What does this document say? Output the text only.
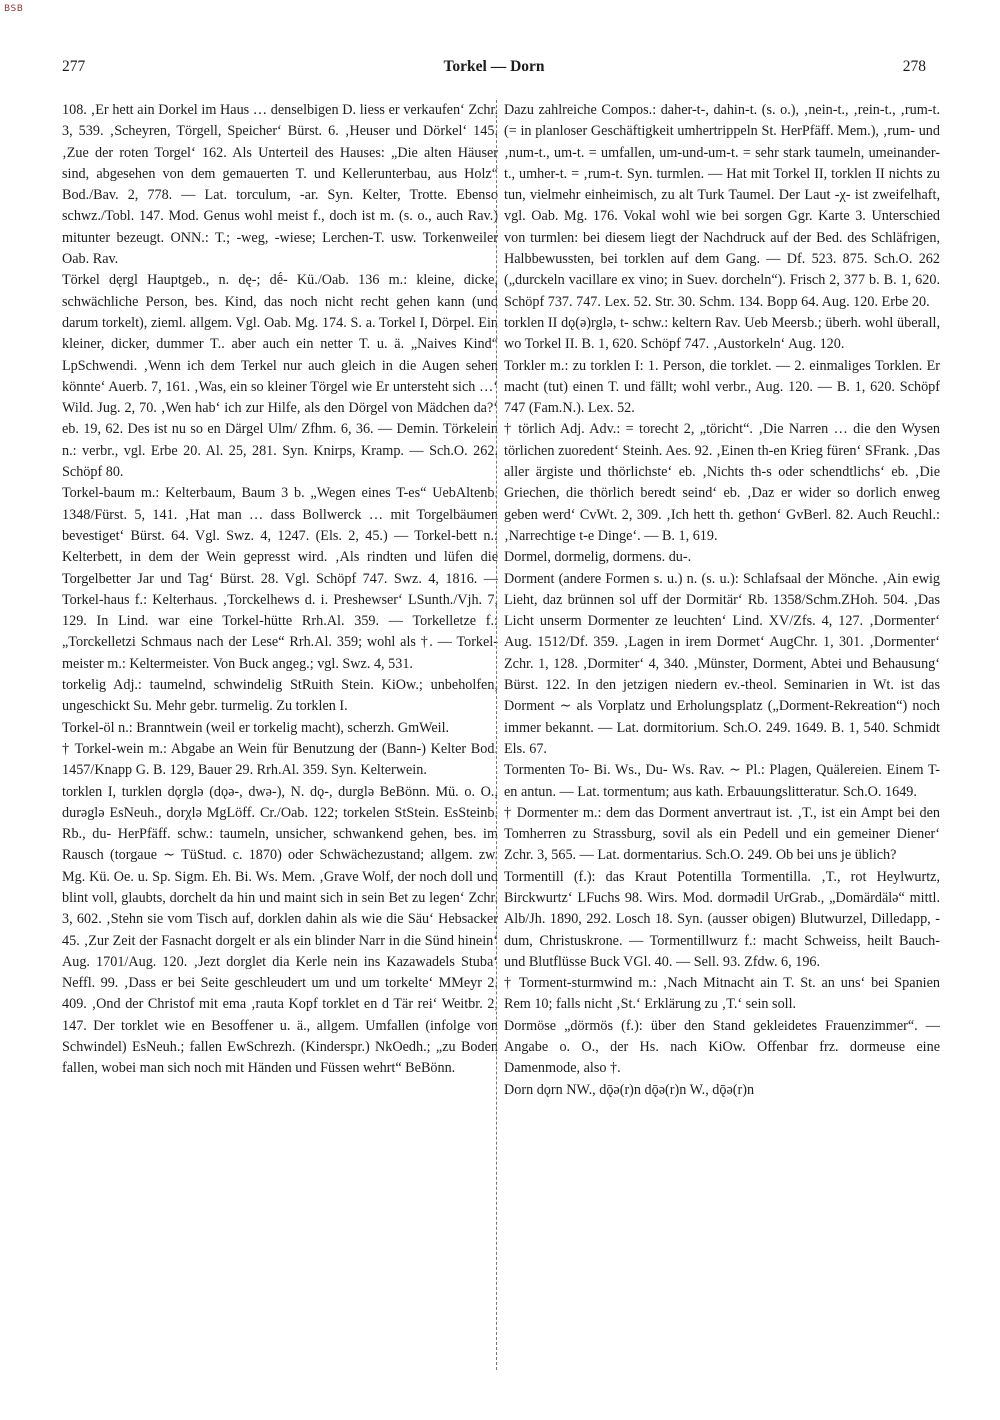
BSB
277	Torkel — Dorn	278

108. ‚Er hett ain Dorkel im Haus … denselbigen D. liess er verkaufen‘ Zchr. 3, 539. ‚Scheyren, Törgell, Speicher‘ Bürst. 6. ‚Heuser und Dörkel‘ 145. ‚Zue der roten Torgel‘ 162. Als Unterteil des Hauses: „Die alten Häuser sind, abgesehen von dem gemauerten T. und Kellerunterbau, aus Holz“ Bod./Bav. 2, 778. — Lat. torculum, -ar. Syn. Kelter, Trotte. Ebenso schwz./Tobl. 147. Mod. Genus wohl meist f., doch ist m. (s. o., auch Rav.) mitunter bezeugt. ONN.: T.; -weg, -wiese; Lerchen-T. usw. Torkenweiler Oab. Rav.

Törkel dęrgl Hauptgeb., n. dę-; dḗ- Kü./Oab. 136 m.: kleine, dicke, schwächliche Person, bes. Kind, das noch nicht recht gehen kann (und darum torkelt), zieml. allgem. Vgl. Oab. Mg. 174. S. a. Torkel I, Dörpel. Ein kleiner, dicker, dummer T.. aber auch ein netter T. u. ä. „Naives Kind“ LpSchwendi. ‚Wenn ich dem Terkel nur auch gleich in die Augen sehen könnte‘ Auerb. 7, 161. ‚Was, ein so kleiner Törgel wie Er untersteht sich …‘ Wild. Jug. 2, 70. ‚Wen hab‘ ich zur Hilfe, als den Dörgel von Mädchen da?‘ eb. 19, 62. Des ist nu so en Därgel Ulm/ Zfhm. 6, 36. — Demin. Törkelein n.: verbr., vgl. Erbe 20. Al. 25, 281. Syn. Knirps, Kramp. — Sch.O. 262. Schöpf 80.

Torkel-baum m.: Kelterbaum, Baum 3 b. „Wegen eines T-es“ UebAltenb. 1348/Fürst. 5, 141. ‚Hat man … dass Bollwerck … mit Torgelbäumen bevestiget‘ Bürst. 64. Vgl. Swz. 4, 1247. (Els. 2, 45.) — Torkel-bett n.: Kelterbett, in dem der Wein gepresst wird. ‚Als rindten und lüfen die Torgelbetter Jar und Tag‘ Bürst. 28. Vgl. Schöpf 747. Swz. 4, 1816. — Torkel-haus f.: Kelterhaus. ‚Torckelhews d. i. Preshewser‘ LSunth./Vjh. 7, 129. In Lind. war eine Torkel-hütte Rrh.Al. 359. — Torkelletze f.: „Torckelletzi Schmaus nach der Lese“ Rrh.Al. 359; wohl als †. — Torkel-meister m.: Keltermeister. Von Buck angeg.; vgl. Swz. 4, 531.

torkelig Adj.: taumelnd, schwindelig StRuith Stein. KiOw.; unbeholfen, ungeschickt Su. Mehr gebr. turmelig. Zu torklen I.

Torkel-öl n.: Branntwein (weil er torkelig macht), scherzh. GmWeil.

† Torkel-wein m.: Abgabe an Wein für Benutzung der (Bann-) Kelter Bod. 1457/Knapp G. B. 129, Bauer 29. Rrh.Al. 359. Syn. Kelterwein.

torklen I, turklen dǫrglə (dǫə-, dwə-), N. dǫ-, durglə BeBönn. Mü. o. O., durəglə EsNeuh., dorχlə MgLöff. Cr./Oab. 122; torkelen StStein. EsSteinb. Rb., du- HerPfäff. schw.: taumeln, unsicher, schwankend gehen, bes. im Rausch (torgaue ∼ TüStud. c. 1870) oder Schwächezustand; allgem. zw. Mg. Kü. Oe. u. Sp. Sigm. Eh. Bi. Ws. Mem. ‚Grave Wolf, der noch doll und blint voll, glaubts, dorchelt da hin und maint sich in sein Bet zu legen‘ Zchr. 3, 602. ‚Stehn sie vom Tisch auf, dorklen dahin als wie die Säu‘ Hebsacker 45. ‚Zur Zeit der Fasnacht dorgelt er als ein blinder Narr in die Sünd hinein‘ Aug. 1701/Aug. 120. ‚Jezt dorglet dia Kerle nein ins Kazawadels Stuba‘ Neffl. 99. ‚Dass er bei Seite geschleudert um und um torkelte‘ MMeyr 2. 409. ‚Ond der Christof mit ema ‚rauta Kopf torklet en d Tär rei‘ Weitbr. 2, 147. Der torklet wie en Besoffener u. ä., allgem. Umfallen (infolge von Schwindel) EsNeuh.; fallen EwSchrezh. (Kinderspr.) NkOedh.; „zu Boden fallen, wobei man sich noch mit Händen und Füssen wehrt“ BeBönn.

Dazu zahlreiche Compos.: daher-t-, dahin-t. (s. o.), ‚nein-t., ‚rein-t., ‚rum-t. (= in planloser Geschäftigkeit umhertrippeln St. HerPfäff. Mem.), ‚rum- und ‚num-t., um-t. = umfallen, um-und-um-t. = sehr stark taumeln, umeinander-t., umher-t. = ‚rum-t. Syn. turmlen. — Hat mit Torkel II, torklen II nichts zu tun, vielmehr einheimisch, zu alt Turk Taumel. Der Laut -χ- ist zweifelhaft, vgl. Oab. Mg. 176. Vokal wohl wie bei sorgen Ggr. Karte 3. Unterschied von turmlen: bei diesem liegt der Nachdruck auf der Bed. des Schläfrigen, Halbbewussten, bei torklen auf dem Gang. — Df. 523. 875. Sch.O. 262 („durckeln vacillare ex vino; in Suev. dorcheln“). Frisch 2, 377 b. B. 1, 620. Schöpf 737. 747. Lex. 52. Str. 30. Schm. 134. Bopp 64. Aug. 120. Erbe 20.

torklen II dǫ(ə)rglə, t- schw.: keltern Rav. Ueb Meersb.; überh. wohl überall, wo Torkel II. B. 1, 620. Schöpf 747. ‚Austorkeln‘ Aug. 120.

Torkler m.: zu torklen I: 1. Person, die torklet. — 2. einmaliges Torklen. Er macht (tut) einen T. und fällt; wohl verbr., Aug. 120. — B. 1, 620. Schöpf 747 (Fam.N.). Lex. 52.

† törlich Adj. Adv.: = torecht 2, „töricht“. ‚Die Narren … die den Wysen törlichen zuoredent‘ Steinh. Aes. 92. ‚Einen th-en Krieg füren‘ SFrank. ‚Das aller ärgiste und thörlichste‘ eb. ‚Nichts th-s oder schendtlichs‘ eb. ‚Die Griechen, die thörlich beredt seind‘ eb. ‚Daz er wider so dorlich enweg geben werd‘ CvWt. 2, 309. ‚Ich hett th. gethon‘ GvBerl. 82. Auch Reuchl.: ‚Narrechtige t-e Dinge‘. — B. 1, 619.

Dormel, dormelig, dormens. du-.

Dorment (andere Formen s. u.) n. (s. u.): Schlafsaal der Mönche. ‚Ain ewig Lieht, daz brünnen sol uff der Dormitär‘ Rb. 1358/Schm.ZHoh. 504. ‚Das Licht unserm Dormenter ze leuchten‘ Lind. XV/Zfs. 4, 127. ‚Dormenter‘ Aug. 1512/Df. 359. ‚Lagen in irem Dormet‘ AugChr. 1, 301. ‚Dormenter‘ Zchr. 1, 128. ‚Dormiter‘ 4, 340. ‚Münster, Dorment, Abtei und Behausung‘ Bürst. 122. In den jetzigen niedern ev.-theol. Seminarien in Wt. ist das Dorment ∼ als Vorplatz und Erholungsplatz („Dorment-Rekreation“) noch immer bekannt. — Lat. dormitorium. Sch.O. 249. 1649. B. 1, 540. Schmidt Els. 67.

Tormenten To- Bi. Ws., Du- Ws. Rav. ∼ Pl.: Plagen, Quälereien. Einem T-en antun. — Lat. tormentum; aus kath. Erbauungslitteratur. Sch.O. 1649.

† Dormenter m.: dem das Dorment anvertraut ist. ‚T., ist ein Ampt bei den Tomherren zu Strassburg, sovil als ein Pedell und ein gemeiner Diener‘ Zchr. 3, 565. — Lat. dormentarius. Sch.O. 249. Ob bei uns je üblich?

Tormentill (f.): das Kraut Potentilla Tormentilla. ‚T., rot Heylwurtz, Birckwurtz‘ LFuchs 98. Wirs. Mod. dormədil UrGrab., „Domärdälə“ mittl. Alb/Jh. 1890, 292. Losch 18. Syn. (ausser obigen) Blutwurzel, Dilledapp, -dum, Christuskrone. — Tormentillwurz f.: macht Schweiss, heilt Bauch- und Blutflüsse Buck VGl. 40. — Sell. 93. Zfdw. 6, 196.

† Torment-sturmwind m.: ‚Nach Mitnacht ain T. St. an uns‘ bei Spanien Rem 10; falls nicht ‚St.‘ Erklärung zu ‚T.‘ sein soll.

Dormöse „dörmös (f.): über den Stand gekleidetes Frauenzimmer“. — Angabe o. O., der Hs. nach KiOw. Offenbar frz. dormeuse eine Damenmode, also †.

Dorn dǫrn NW., dǭə(r)n dǭə(r)n W., dǭə(r)n
